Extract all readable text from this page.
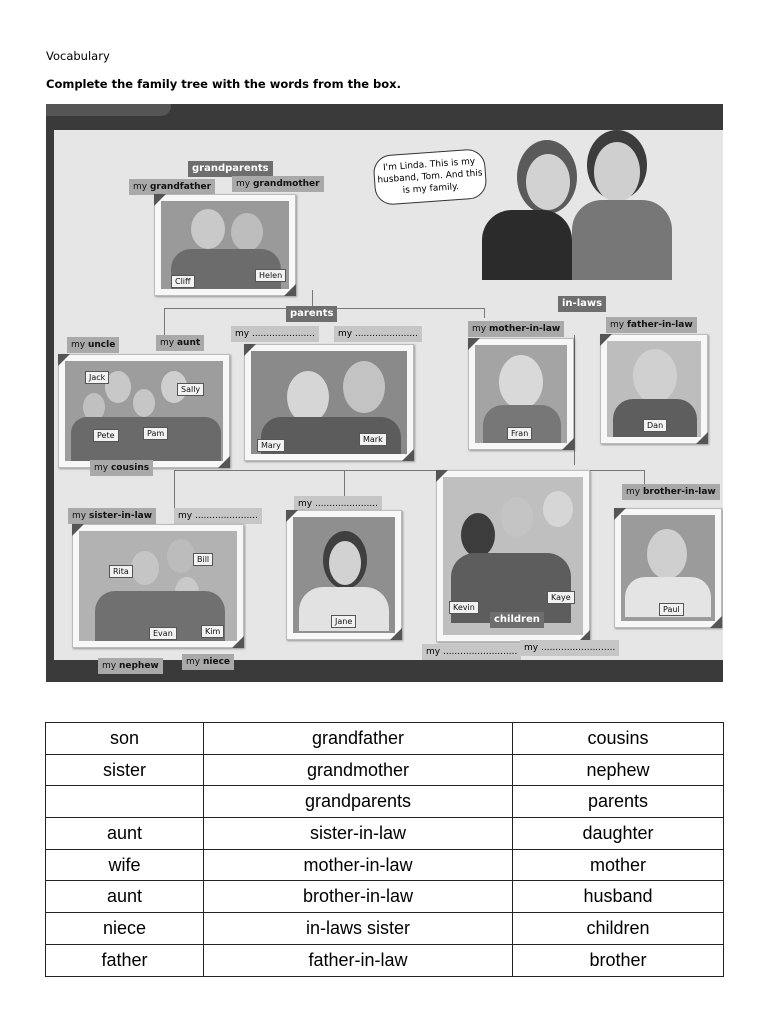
Vocabulary
Complete the family tree with the words from the box.
grandparents
my grandfather	my grandmother
Cliff
Helen
I'm Linda. This is my husband, Tom. And this is my family.
parents
my ......................	my ......................
Mary
Mark
my uncle	my aunt
Jack
Sally
Pete	Pam
my cousins
in-laws
my mother-in-law	my father-in-law
Fran
Dan
my sister-in-law	my ......................
Rita
Bill
Evan	Kim
my nephew	my niece
my ......................
Jane
Kevin
Kaye
children
my .......................... my ..........................
my brother-in-law
Paul
son	grandfather	cousins
sister	grandmother	nephew
	grandparents	parents
aunt	sister-in-law	daughter
wife	mother-in-law	mother
aunt	brother-in-law	husband
niece	in-laws sister	children
father	father-in-law	brother
